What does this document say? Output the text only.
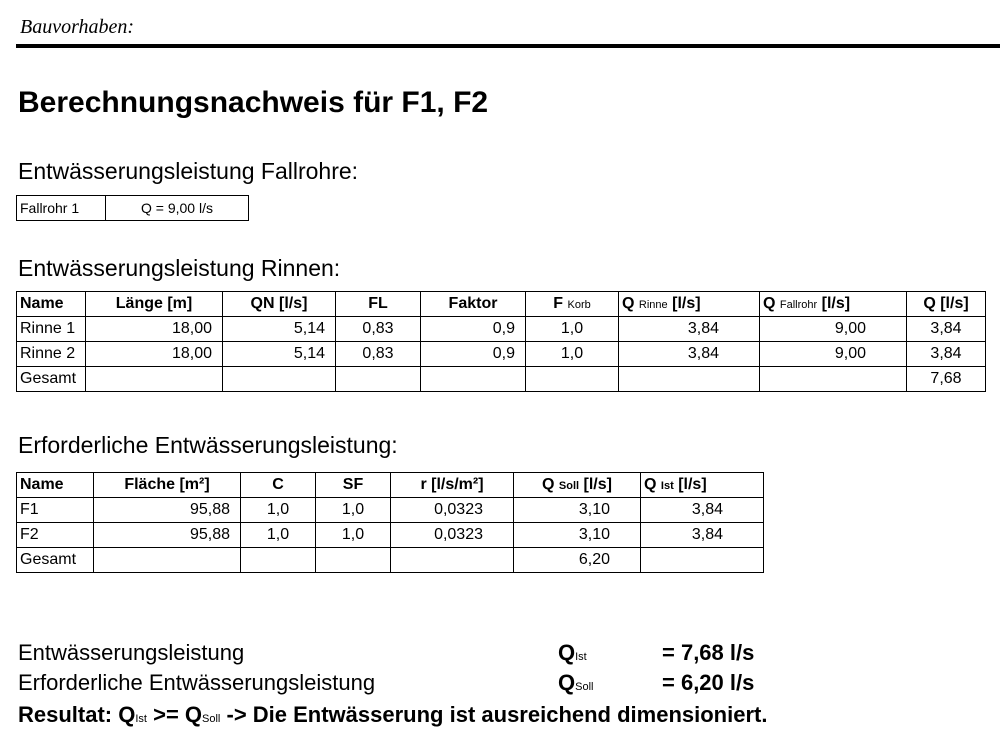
Bauvorhaben:
Berechnungsnachweis für F1, F2
Entwässerungsleistung Fallrohre:
Fallrohr 1	Q = 9,00 l/s
Entwässerungsleistung Rinnen:
Name	Länge [m]	QN [l/s]	FL	Faktor	F Korb	Q Rinne [l/s]	Q Fallrohr [l/s]	Q [l/s]
Rinne 1	18,00	5,14	0,83	0,9	1,0	3,84	9,00	3,84
Rinne 2	18,00	5,14	0,83	0,9	1,0	3,84	9,00	3,84
Gesamt								7,68
Erforderliche Entwässerungsleistung:
Name	Fläche [m²]	C	SF	r [l/s/m²]	Q Soll [l/s]	Q Ist [l/s]
F1	95,88	1,0	1,0	0,0323	3,10	3,84
F2	95,88	1,0	1,0	0,0323	3,10	3,84
Gesamt					6,20	
Entwässerungsleistung	QIst	= 7,68 l/s
Erforderliche Entwässerungsleistung	QSoll	= 6,20 l/s
Resultat: QIst >= QSoll -> Die Entwässerung ist ausreichend dimensioniert.
